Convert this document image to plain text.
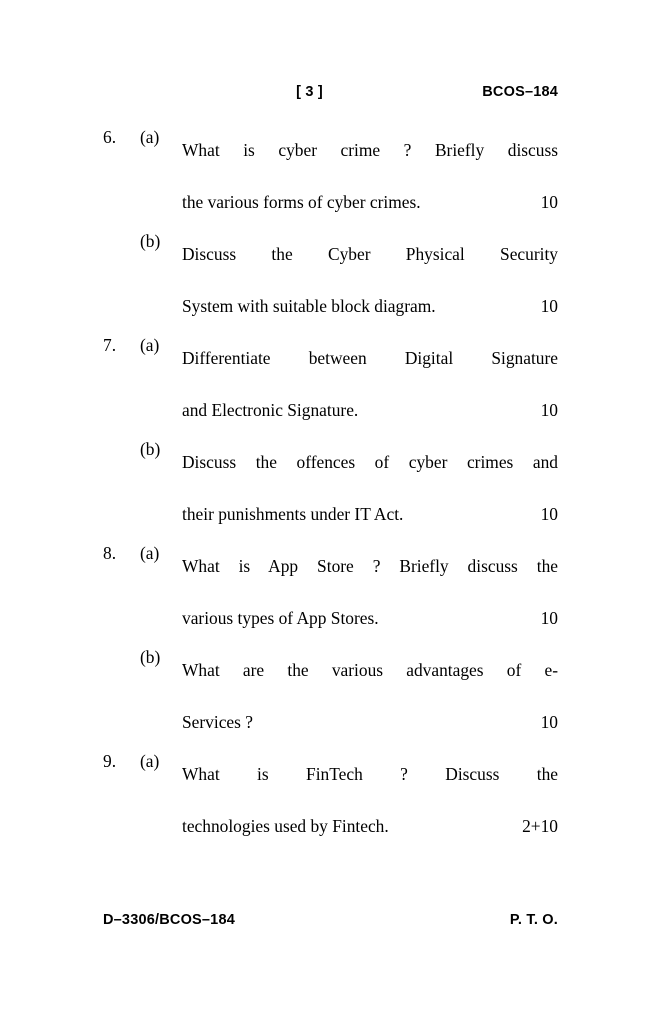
[ 3 ]	BCOS–184
6.	(a)
What is cyber crime ? Briefly discuss
the various forms of cyber crimes.	10
(b)
Discuss the Cyber Physical Security
System with suitable block diagram.	10
7.	(a)
Differentiate between Digital Signature
and Electronic Signature.	10
(b)
Discuss the offences of cyber crimes and
their punishments under IT Act.	10
8.	(a)
What is App Store ? Briefly discuss the
various types of App Stores.	10
(b)
What are the various advantages of e-
Services ?	10
9.	(a)
What is FinTech ? Discuss the
technologies used by Fintech.	2+10
D–3306/BCOS–184	P. T. O.
